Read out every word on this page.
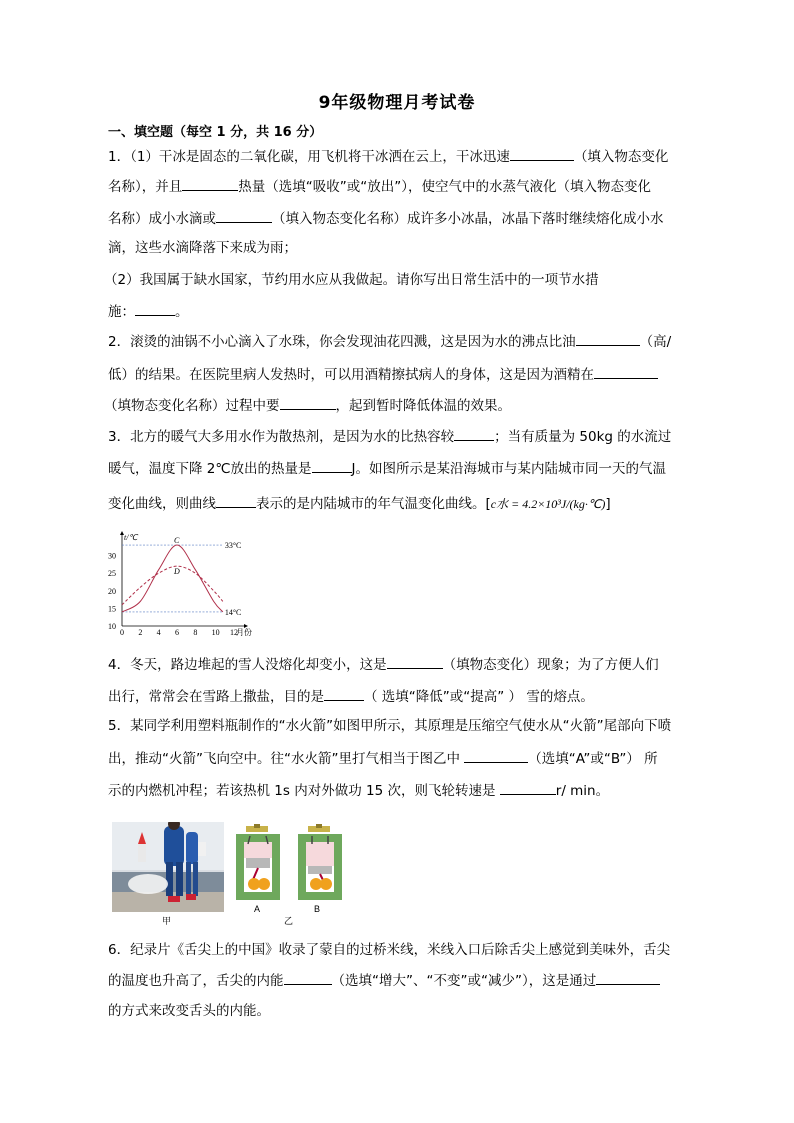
9年级物理月考试卷
一、填空题（每空 1 分，共 16 分）
1．（1）干冰是固态的二氧化碳，用飞机将干冰洒在云上，干冰迅速	（填入物态变化
名称），并且	热量（选填“吸收”或“放出”），使空气中的水蒸气液化（填入物态变化
名称）成小水滴或	（填入物态变化名称）成许多小冰晶，冰晶下落时继续熔化成小水
滴，这些水滴降落下来成为雨；
（2）我国属于缺水国家，节约用水应从我做起。请你写出日常生活中的一项节水措
施：	。
2．滚烫的油锅不小心滴入了水珠，你会发现油花四溅，这是因为水的沸点比油	（高/
低）的结果。在医院里病人发热时，可以用酒精擦拭病人的身体，这是因为酒精在
（填物态变化名称）过程中要	，起到暂时降低体温的效果。
3．北方的暖气大多用水作为散热剂，是因为水的比热容较	；当有质量为 50kg 的水流过
暖气，温度下降 2℃放出的热量是	J。如图所示是某沿海城市与某内陆城市同一天的气温
变化曲线，则曲线	表示的是内陆城市的年气温变化曲线。[c水 = 4.2×10³J/(kg·℃)]
t/℃
月份
0 2 4 6 8 10 12
10
15
20
25
30
33°C
14°C
C
D
4．冬天，路边堆起的雪人没熔化却变小，这是	（填物态变化）现象；为了方便人们
出行，常常会在雪路上撒盐，目的是	（ 选填“降低”或“提高” ） 雪的熔点。
5．某同学利用塑料瓶制作的“水火箭”如图甲所示，其原理是压缩空气使水从“火箭”尾部向下喷
出，推动“火箭”飞向空中。往“水火箭”里打气相当于图乙中	（选填“A”或“B”） 所
示的内燃机冲程；若该热机 1s 内对外做功 15 次，则飞轮转速是	r/ min。
甲
A
乙
B
6．纪录片《舌尖上的中国》收录了蒙自的过桥米线，米线入口后除舌尖上感觉到美味外，舌尖
的温度也升高了，舌尖的内能	（选填“增大”、“不变”或“减少”），这是通过
的方式来改变舌头的内能。
